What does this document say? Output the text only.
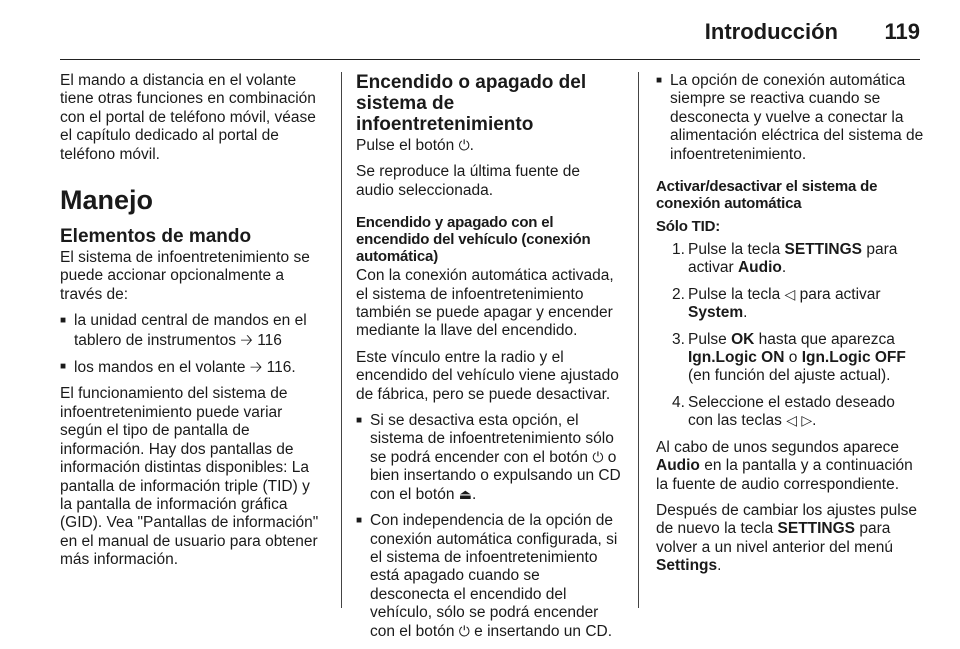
Introducción 119

El mando a distancia en el volante tiene otras funciones en combinación con el portal de teléfono móvil, véase el capítulo dedicado al portal de teléfono móvil.

Manejo
Elementos de mando

El sistema de infoentretenimiento se puede accionar opcionalmente a través de:

■ la unidad central de mandos en el tablero de instrumentos 🡢 116
■ los mandos en el volante 🡢 116.

El funcionamiento del sistema de infoentretenimiento puede variar según el tipo de pantalla de información. Hay dos pantallas de información distintas disponibles: La pantalla de información triple (TID) y la pantalla de información gráfica (GID). Vea "Pantallas de información" en el manual de usuario para obtener más información.

Encendido o apagado del sistema de infoentretenimiento

Pulse el botón ⏻.

Se reproduce la última fuente de audio seleccionada.

Encendido y apagado con el encendido del vehículo (conexión automática)

Con la conexión automática activada, el sistema de infoentretenimiento también se puede apagar y encender mediante la llave del encendido.

Este vínculo entre la radio y el encendido del vehículo viene ajustado de fábrica, pero se puede desactivar.

■ Si se desactiva esta opción, el sistema de infoentretenimiento sólo se podrá encender con el botón ⏻ o bien insertando o expulsando un CD con el botón ⏏.
■ Con independencia de la opción de conexión automática configurada, si el sistema de infoentretenimiento está apagado cuando se desconecta el encendido del vehículo, sólo se podrá encender con el botón ⏻ e insertando un CD.
■ La opción de conexión automática siempre se reactiva cuando se desconecta y vuelve a conectar la alimentación eléctrica del sistema de infoentretenimiento.
Activar/desactivar el sistema de conexión automática
Sólo TID:
1. Pulse la tecla SETTINGS para activar Audio.
2. Pulse la tecla ◁ para activar System.
3. Pulse OK hasta que aparezca Ign.Logic ON o Ign.Logic OFF (en función del ajuste actual).
4. Seleccione el estado deseado con las teclas ◁ ▷.

Al cabo de unos segundos aparece Audio en la pantalla y a continuación la fuente de audio correspondiente.

Después de cambiar los ajustes pulse de nuevo la tecla SETTINGS para volver a un nivel anterior del menú Settings.
